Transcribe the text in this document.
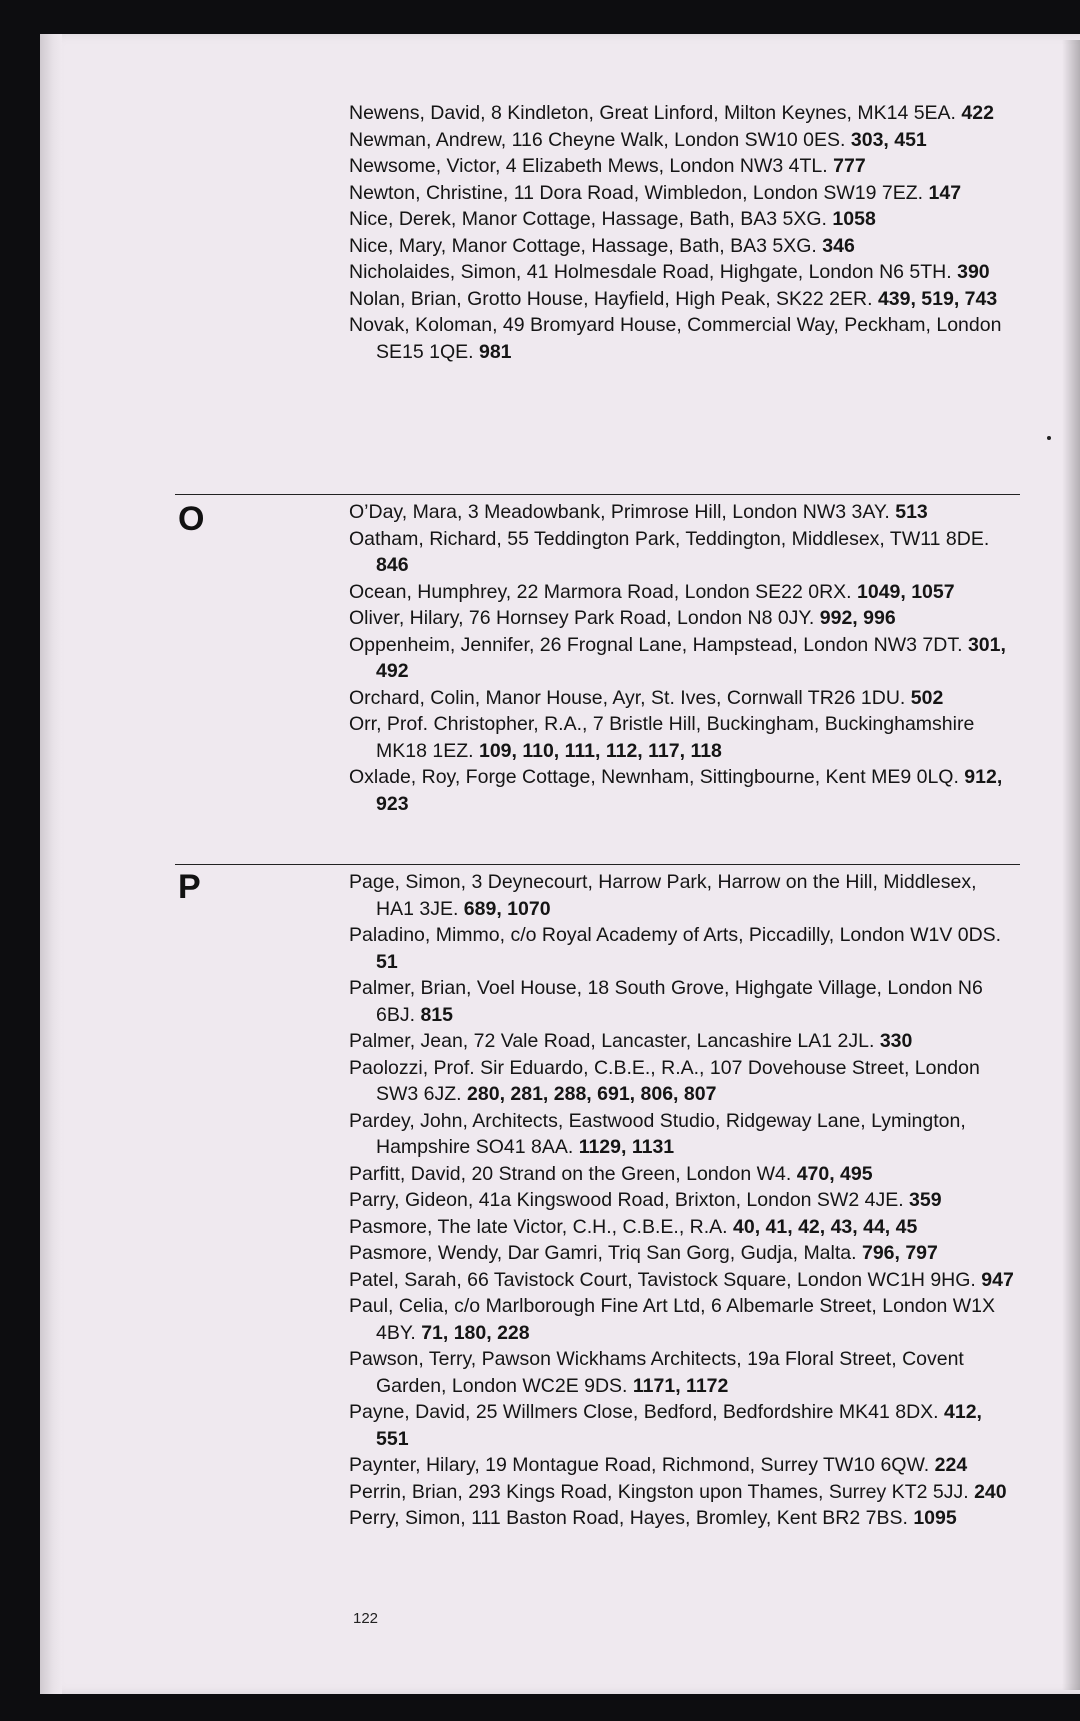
Newens, David, 8 Kindleton, Great Linford, Milton Keynes, MK14 5EA. 422

Newman, Andrew, 116 Cheyne Walk, London SW10 0ES. 303, 451

Newsome, Victor, 4 Elizabeth Mews, London NW3 4TL. 777

Newton, Christine, 11 Dora Road, Wimbledon, London SW19 7EZ. 147

Nice, Derek, Manor Cottage, Hassage, Bath, BA3 5XG. 1058

Nice, Mary, Manor Cottage, Hassage, Bath, BA3 5XG. 346

Nicholaides, Simon, 41 Holmesdale Road, Highgate, London N6 5TH. 390

Nolan, Brian, Grotto House, Hayfield, High Peak, SK22 2ER. 439, 519, 743

Novak, Koloman, 49 Bromyard House, Commercial Way, Peckham, London SE15 1QE. 981

O	O’Day, Mara, 3 Meadowbank, Primrose Hill, London NW3 3AY. 513

Oatham, Richard, 55 Teddington Park, Teddington, Middlesex, TW11 8DE. 846

Ocean, Humphrey, 22 Marmora Road, London SE22 0RX. 1049, 1057

Oliver, Hilary, 76 Hornsey Park Road, London N8 0JY. 992, 996

Oppenheim, Jennifer, 26 Frognal Lane, Hampstead, London NW3 7DT. 301, 492

Orchard, Colin, Manor House, Ayr, St. Ives, Cornwall TR26 1DU. 502

Orr, Prof. Christopher, R.A., 7 Bristle Hill, Buckingham, Buckinghamshire MK18 1EZ. 109, 110, 111, 112, 117, 118

Oxlade, Roy, Forge Cottage, Newnham, Sittingbourne, Kent ME9 0LQ. 912, 923

P	Page, Simon, 3 Deynecourt, Harrow Park, Harrow on the Hill, Middlesex, HA1 3JE. 689, 1070

Paladino, Mimmo, c/o Royal Academy of Arts, Piccadilly, London W1V 0DS. 51

Palmer, Brian, Voel House, 18 South Grove, Highgate Village, London N6 6BJ. 815

Palmer, Jean, 72 Vale Road, Lancaster, Lancashire LA1 2JL. 330

Paolozzi, Prof. Sir Eduardo, C.B.E., R.A., 107 Dovehouse Street, London SW3 6JZ. 280, 281, 288, 691, 806, 807

Pardey, John, Architects, Eastwood Studio, Ridgeway Lane, Lymington, Hampshire SO41 8AA. 1129, 1131

Parfitt, David, 20 Strand on the Green, London W4. 470, 495

Parry, Gideon, 41a Kingswood Road, Brixton, London SW2 4JE. 359

Pasmore, The late Victor, C.H., C.B.E., R.A. 40, 41, 42, 43, 44, 45

Pasmore, Wendy, Dar Gamri, Triq San Gorg, Gudja, Malta. 796, 797

Patel, Sarah, 66 Tavistock Court, Tavistock Square, London WC1H 9HG. 947

Paul, Celia, c/o Marlborough Fine Art Ltd, 6 Albemarle Street, London W1X 4BY. 71, 180, 228

Pawson, Terry, Pawson Wickhams Architects, 19a Floral Street, Covent Garden, London WC2E 9DS. 1171, 1172

Payne, David, 25 Willmers Close, Bedford, Bedfordshire MK41 8DX. 412, 551

Paynter, Hilary, 19 Montague Road, Richmond, Surrey TW10 6QW. 224

Perrin, Brian, 293 Kings Road, Kingston upon Thames, Surrey KT2 5JJ. 240

Perry, Simon, 111 Baston Road, Hayes, Bromley, Kent BR2 7BS. 1095

122
